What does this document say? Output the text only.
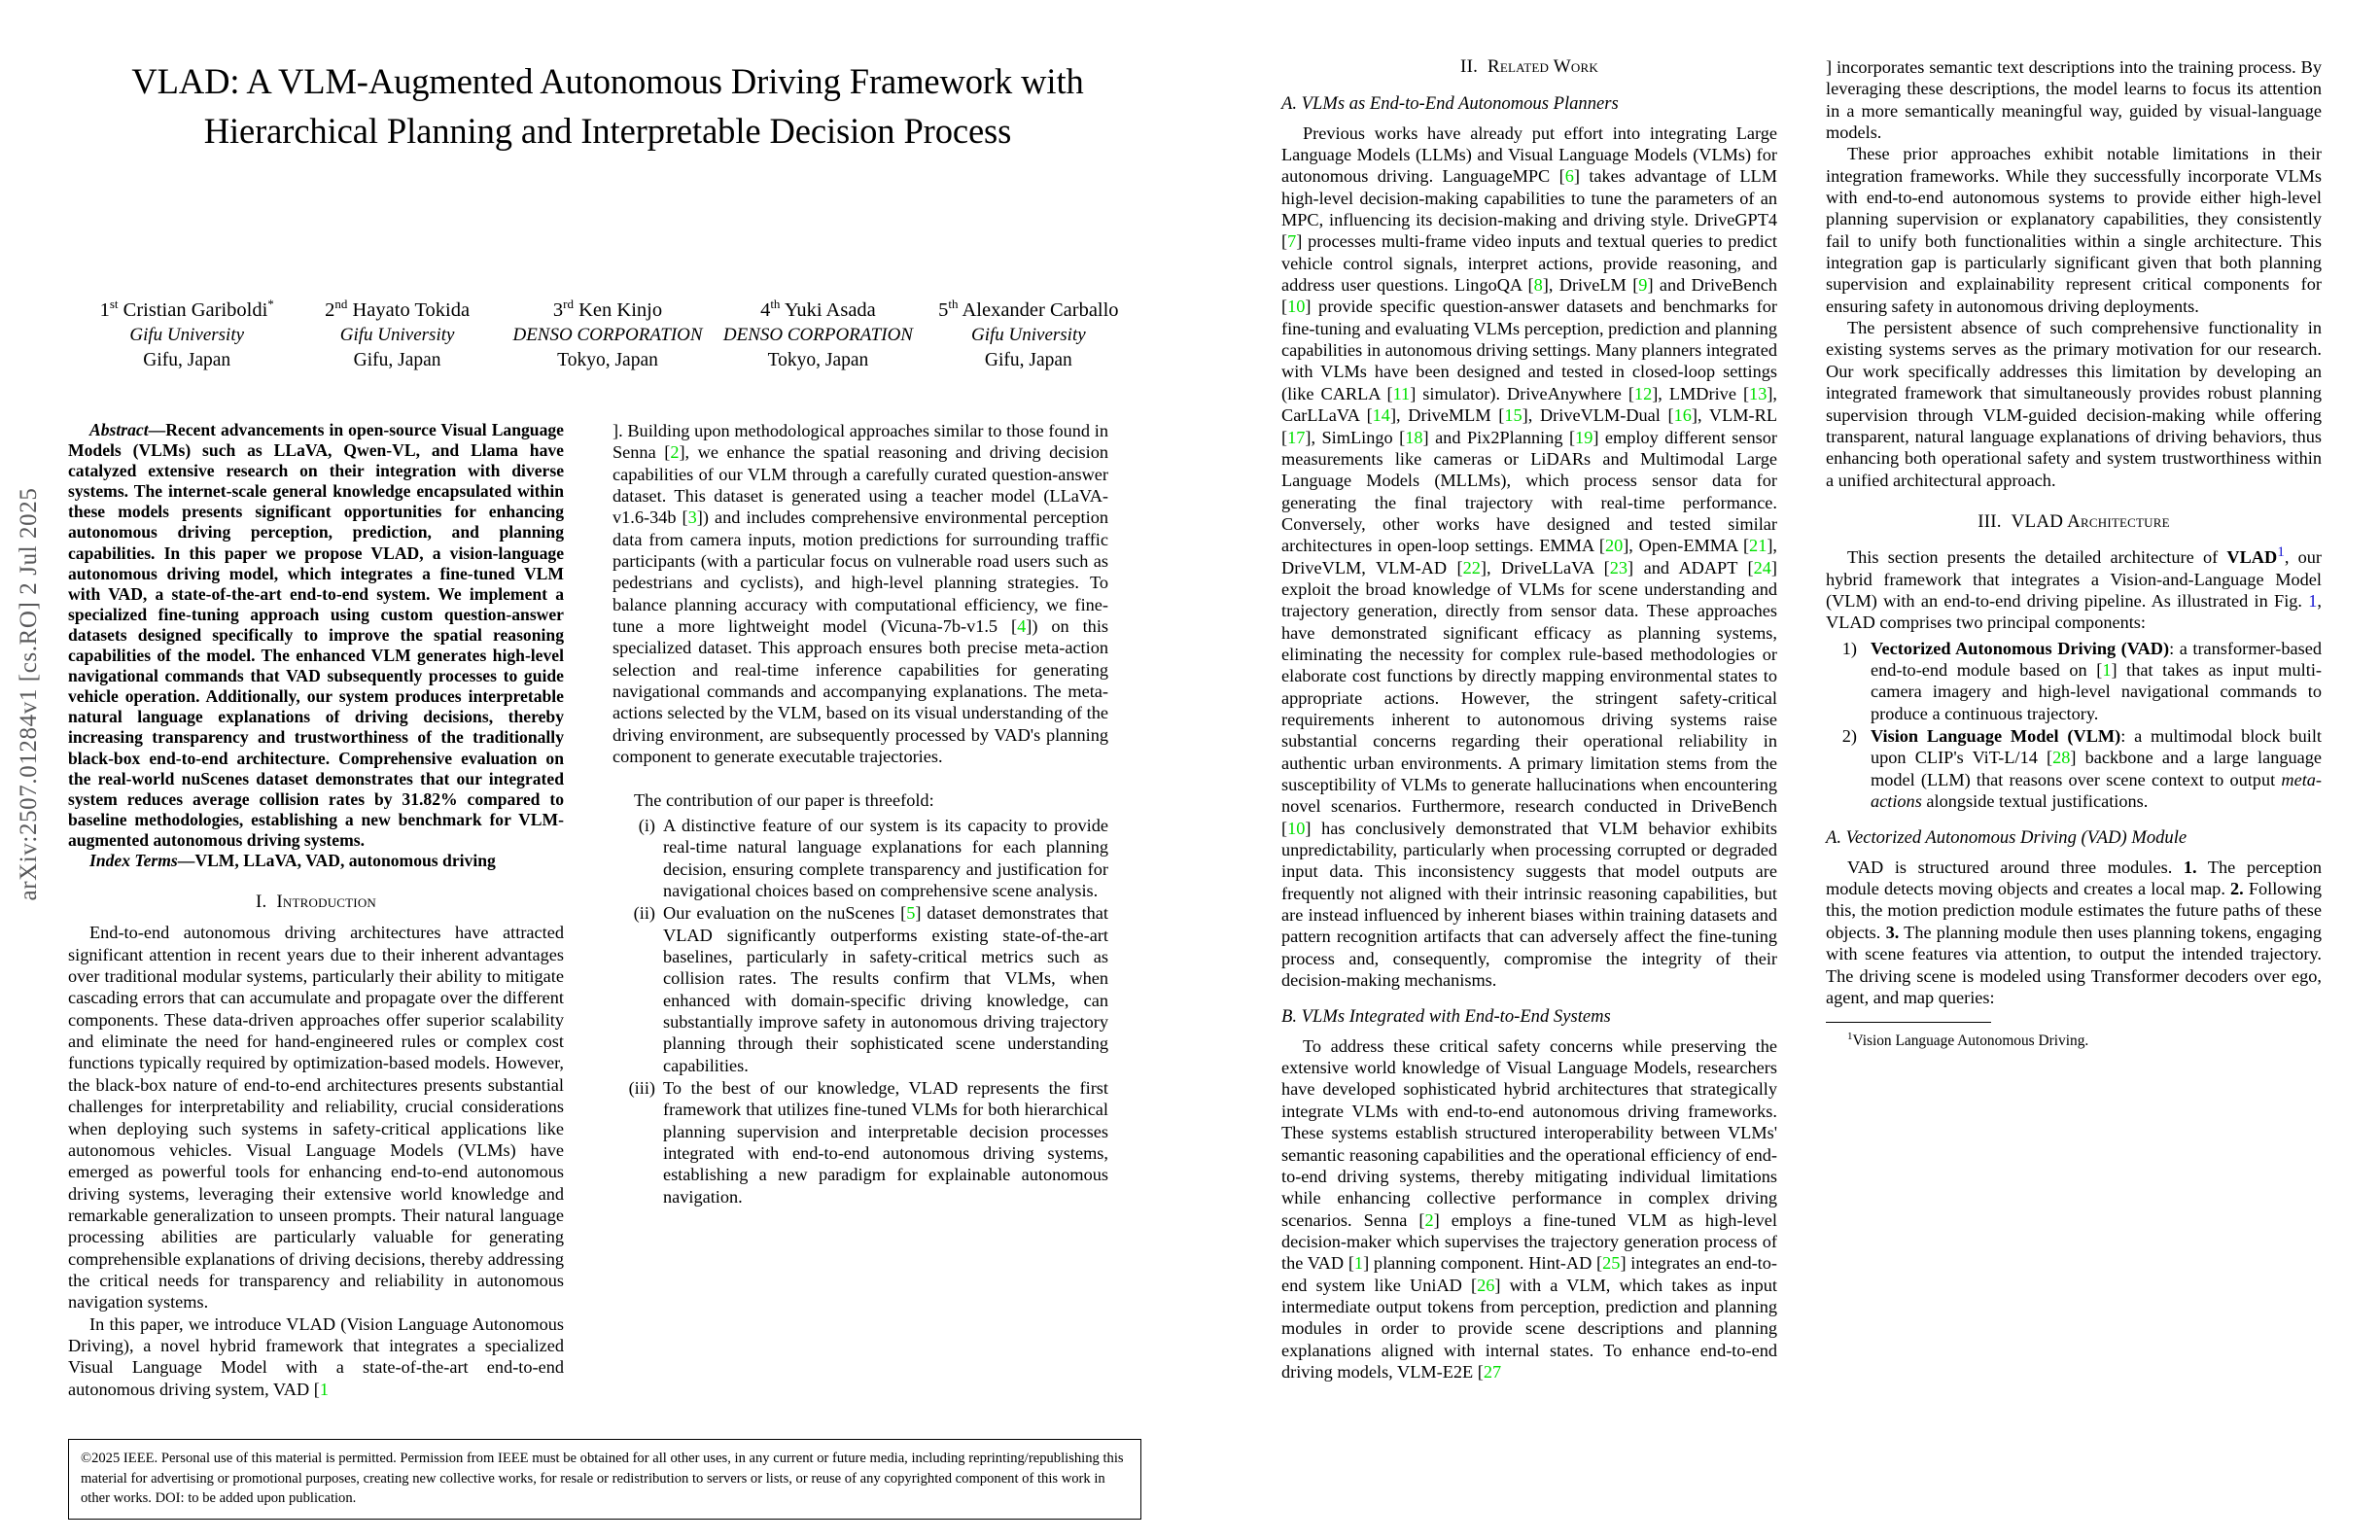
arXiv:2507.01284v1 [cs.RO] 2 Jul 2025
VLAD: A VLM-Augmented Autonomous Driving Framework with Hierarchical Planning and Interpretable Decision Process
1st Cristian Gariboldi*
Gifu University
Gifu, Japan
2nd Hayato Tokida
Gifu University
Gifu, Japan
3rd Ken Kinjo
DENSO CORPORATION
Tokyo, Japan
4th Yuki Asada
DENSO CORPORATION
Tokyo, Japan
5th Alexander Carballo
Gifu University
Gifu, Japan

Abstract—Recent advancements in open-source Visual Language Models (VLMs) such as LLaVA, Qwen-VL, and Llama have catalyzed extensive research on their integration with diverse systems. The internet-scale general knowledge encapsulated within these models presents significant opportunities for enhancing autonomous driving perception, prediction, and planning capabilities. In this paper we propose VLAD, a vision-language autonomous driving model, which integrates a fine-tuned VLM with VAD, a state-of-the-art end-to-end system. We implement a specialized fine-tuning approach using custom question-answer datasets designed specifically to improve the spatial reasoning capabilities of the model. The enhanced VLM generates high-level navigational commands that VAD subsequently processes to guide vehicle operation. Additionally, our system produces interpretable natural language explanations of driving decisions, thereby increasing transparency and trustworthiness of the traditionally black-box end-to-end architecture. Comprehensive evaluation on the real-world nuScenes dataset demonstrates that our integrated system reduces average collision rates by 31.82% compared to baseline methodologies, establishing a new benchmark for VLM-augmented autonomous driving systems.

Index Terms—VLM, LLaVA, VAD, autonomous driving

I. Introduction

End-to-end autonomous driving architectures have attracted significant attention in recent years due to their inherent advantages over traditional modular systems, particularly their ability to mitigate cascading errors that can accumulate and propagate over the different components. These data-driven approaches offer superior scalability and eliminate the need for hand-engineered rules or complex cost functions typically required by optimization-based models. However, the black-box nature of end-to-end architectures presents substantial challenges for interpretability and reliability, crucial considerations when deploying such systems in safety-critical applications like autonomous vehicles. Visual Language Models (VLMs) have emerged as powerful tools for enhancing end-to-end autonomous driving systems, leveraging their extensive world knowledge and remarkable generalization to unseen prompts. Their natural language processing abilities are particularly valuable for generating comprehensible explanations of driving decisions, thereby addressing the critical needs for transparency and reliability in autonomous navigation systems.

In this paper, we introduce VLAD (Vision Language Autonomous Driving), a novel hybrid framework that integrates a specialized Visual Language Model with a state-of-the-art end-to-end autonomous driving system, VAD [1

]. Building upon methodological approaches similar to those found in Senna [2], we enhance the spatial reasoning and driving decision capabilities of our VLM through a carefully curated question-answer dataset. This dataset is generated using a teacher model (LLaVA-v1.6-34b [3]) and includes comprehensive environmental perception data from camera inputs, motion predictions for surrounding traffic participants (with a particular focus on vulnerable road users such as pedestrians and cyclists), and high-level planning strategies. To balance planning accuracy with computational efficiency, we fine-tune a more lightweight model (Vicuna-7b-v1.5 [4]) on this specialized dataset. This approach ensures both precise meta-action selection and real-time inference capabilities for generating navigational commands and accompanying explanations. The meta-actions selected by the VLM, based on its visual understanding of the driving environment, are subsequently processed by VAD's planning component to generate executable trajectories.

The contribution of our paper is threefold:

(i) A distinctive feature of our system is its capacity to provide real-time natural language explanations for each planning decision, ensuring complete transparency and justification for navigational choices based on comprehensive scene analysis.
(ii) Our evaluation on the nuScenes [5] dataset demonstrates that VLAD significantly outperforms existing state-of-the-art baselines, particularly in safety-critical metrics such as collision rates. The results confirm that VLMs, when enhanced with domain-specific driving knowledge, can substantially improve safety in autonomous driving trajectory planning through their sophisticated scene understanding capabilities.
(iii) To the best of our knowledge, VLAD represents the first framework that utilizes fine-tuned VLMs for both hierarchical planning supervision and interpretable decision processes integrated with end-to-end autonomous driving systems, establishing a new paradigm for explainable autonomous navigation.
II. Related Work
A. VLMs as End-to-End Autonomous Planners

Previous works have already put effort into integrating Large Language Models (LLMs) and Visual Language Models (VLMs) for autonomous driving. LanguageMPC [6] takes advantage of LLM high-level decision-making capabilities to tune the parameters of an MPC, influencing its decision-making and driving style. DriveGPT4 [7] processes multi-frame video inputs and textual queries to predict vehicle control signals, interpret actions, provide reasoning, and address user questions. LingoQA [8], DriveLM [9] and DriveBench [10] provide specific question-answer datasets and benchmarks for fine-tuning and evaluating VLMs perception, prediction and planning capabilities in autonomous driving settings. Many planners integrated with VLMs have been designed and tested in closed-loop settings (like CARLA [11] simulator). DriveAnywhere [12], LMDrive [13], CarLLaVA [14], DriveMLM [15], DriveVLM-Dual [16], VLM-RL [17], SimLingo [18] and Pix2Planning [19] employ different sensor measurements like cameras or LiDARs and Multimodal Large Language Models (MLLMs), which process sensor data for generating the final trajectory with real-time performance. Conversely, other works have designed and tested similar architectures in open-loop settings. EMMA [20], Open-EMMA [21], DriveVLM, VLM-AD [22], DriveLLaVA [23] and ADAPT [24] exploit the broad knowledge of VLMs for scene understanding and trajectory generation, directly from sensor data. These approaches have demonstrated significant efficacy as planning systems, eliminating the necessity for complex rule-based methodologies or elaborate cost functions by directly mapping environmental states to appropriate actions. However, the stringent safety-critical requirements inherent to autonomous driving systems raise substantial concerns regarding their operational reliability in authentic urban environments. A primary limitation stems from the susceptibility of VLMs to generate hallucinations when encountering novel scenarios. Furthermore, research conducted in DriveBench [10] has conclusively demonstrated that VLM behavior exhibits unpredictability, particularly when processing corrupted or degraded input data. This inconsistency suggests that model outputs are frequently not aligned with their intrinsic reasoning capabilities, but are instead influenced by inherent biases within training datasets and pattern recognition artifacts that can adversely affect the fine-tuning process and, consequently, compromise the integrity of their decision-making mechanisms.

B. VLMs Integrated with End-to-End Systems

To address these critical safety concerns while preserving the extensive world knowledge of Visual Language Models, researchers have developed sophisticated hybrid architectures that strategically integrate VLMs with end-to-end autonomous driving frameworks. These systems establish structured interoperability between VLMs' semantic reasoning capabilities and the operational efficiency of end-to-end driving systems, thereby mitigating individual limitations while enhancing collective performance in complex driving scenarios. Senna [2] employs a fine-tuned VLM as high-level decision-maker which supervises the trajectory generation process of the VAD [1] planning component. Hint-AD [25] integrates an end-to-end system like UniAD [26] with a VLM, which takes as input intermediate output tokens from perception, prediction and planning modules in order to provide scene descriptions and planning explanations aligned with internal states. To enhance end-to-end driving models, VLM-E2E [27

] incorporates semantic text descriptions into the training process. By leveraging these descriptions, the model learns to focus its attention in a more semantically meaningful way, guided by visual-language models.

These prior approaches exhibit notable limitations in their integration frameworks. While they successfully incorporate VLMs with end-to-end autonomous systems to provide either high-level planning supervision or explanatory capabilities, they consistently fail to unify both functionalities within a single architecture. This integration gap is particularly significant given that both planning supervision and explainability represent critical components for ensuring safety in autonomous driving deployments.

The persistent absence of such comprehensive functionality in existing systems serves as the primary motivation for our research. Our work specifically addresses this limitation by developing an integrated framework that simultaneously provides robust planning supervision through VLM-guided decision-making while offering transparent, natural language explanations of driving behaviors, thus enhancing both operational safety and system trustworthiness within a unified architectural approach.

III. VLAD Architecture

This section presents the detailed architecture of VLAD$^1$, our hybrid framework that integrates a Vision-and-Language Model (VLM) with an end-to-end driving pipeline. As illustrated in Fig. 1, VLAD comprises two principal components:

1) Vectorized Autonomous Driving (VAD): a transformer-based end-to-end module based on [1] that takes as input multi-camera imagery and high-level navigational commands to produce a continuous trajectory.
2) Vision Language Model (VLM): a multimodal block built upon CLIP's ViT-L/14 [28] backbone and a large language model (LLM) that reasons over scene context to output meta-actions alongside textual justifications.
A. Vectorized Autonomous Driving (VAD) Module

VAD is structured around three modules. 1. The perception module detects moving objects and creates a local map. 2. Following this, the motion prediction module estimates the future paths of these objects. 3. The planning module then uses planning tokens, engaging with scene features via attention, to output the intended trajectory. The driving scene is modeled using Transformer decoders over ego, agent, and map queries:

$^1$Vision Language Autonomous Driving.

©2025 IEEE. Personal use of this material is permitted. Permission from IEEE must be obtained for all other uses, in any current or future media, including reprinting/republishing this material for advertising or promotional purposes, creating new collective works, for resale or redistribution to servers or lists, or reuse of any copyrighted component of this work in other works. DOI: to be added upon publication.
